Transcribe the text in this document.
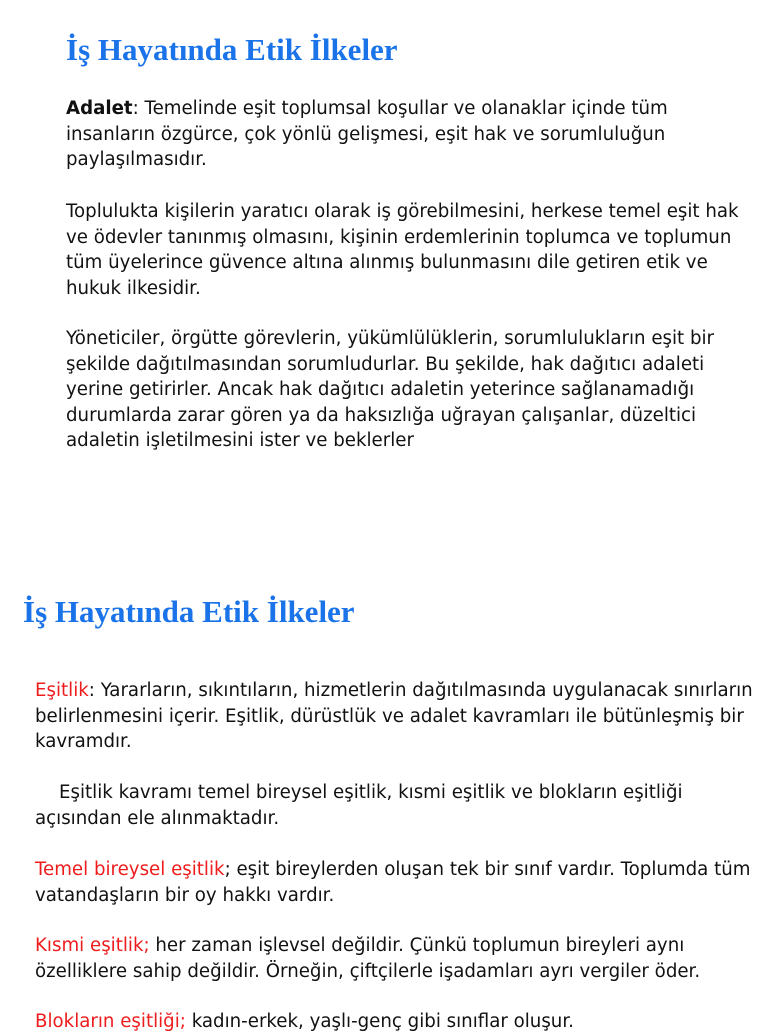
İş Hayatında Etik İlkeler
Adalet: Temelinde eşit toplumsal koşullar ve olanaklar içinde tüm
insanların özgürce, çok yönlü gelişmesi, eşit hak ve sorumluluğun
paylaşılmasıdır.
Toplulukta kişilerin yaratıcı olarak iş görebilmesini, herkese temel eşit hak
ve ödevler tanınmış olmasını, kişinin erdemlerinin toplumca ve toplumun
tüm üyelerince güvence altına alınmış bulunmasını dile getiren etik ve
hukuk ilkesidir.
Yöneticiler, örgütte görevlerin, yükümlülüklerin, sorumlulukların eşit bir
şekilde dağıtılmasından sorumludurlar. Bu şekilde, hak dağıtıcı adaleti
yerine getirirler. Ancak hak dağıtıcı adaletin yeterince sağlanamadığı
durumlarda zarar gören ya da haksızlığa uğrayan çalışanlar, düzeltici
adaletin işletilmesini ister ve beklerler
İş Hayatında Etik İlkeler
Eşitlik: Yararların, sıkıntıların, hizmetlerin dağıtılmasında uygulanacak sınırların
belirlenmesini içerir. Eşitlik, dürüstlük ve adalet kavramları ile bütünleşmiş bir
kavramdır.
Eşitlik kavramı temel bireysel eşitlik, kısmi eşitlik ve blokların eşitliği
açısından ele alınmaktadır.
Temel bireysel eşitlik; eşit bireylerden oluşan tek bir sınıf vardır. Toplumda tüm
vatandaşların bir oy hakkı vardır.
Kısmi eşitlik; her zaman işlevsel değildir. Çünkü toplumun bireyleri aynı
özelliklere sahip değildir. Örneğin, çiftçilerle işadamları ayrı vergiler öder.
Blokların eşitliği; kadın-erkek, yaşlı-genç gibi sınıflar oluşur.
